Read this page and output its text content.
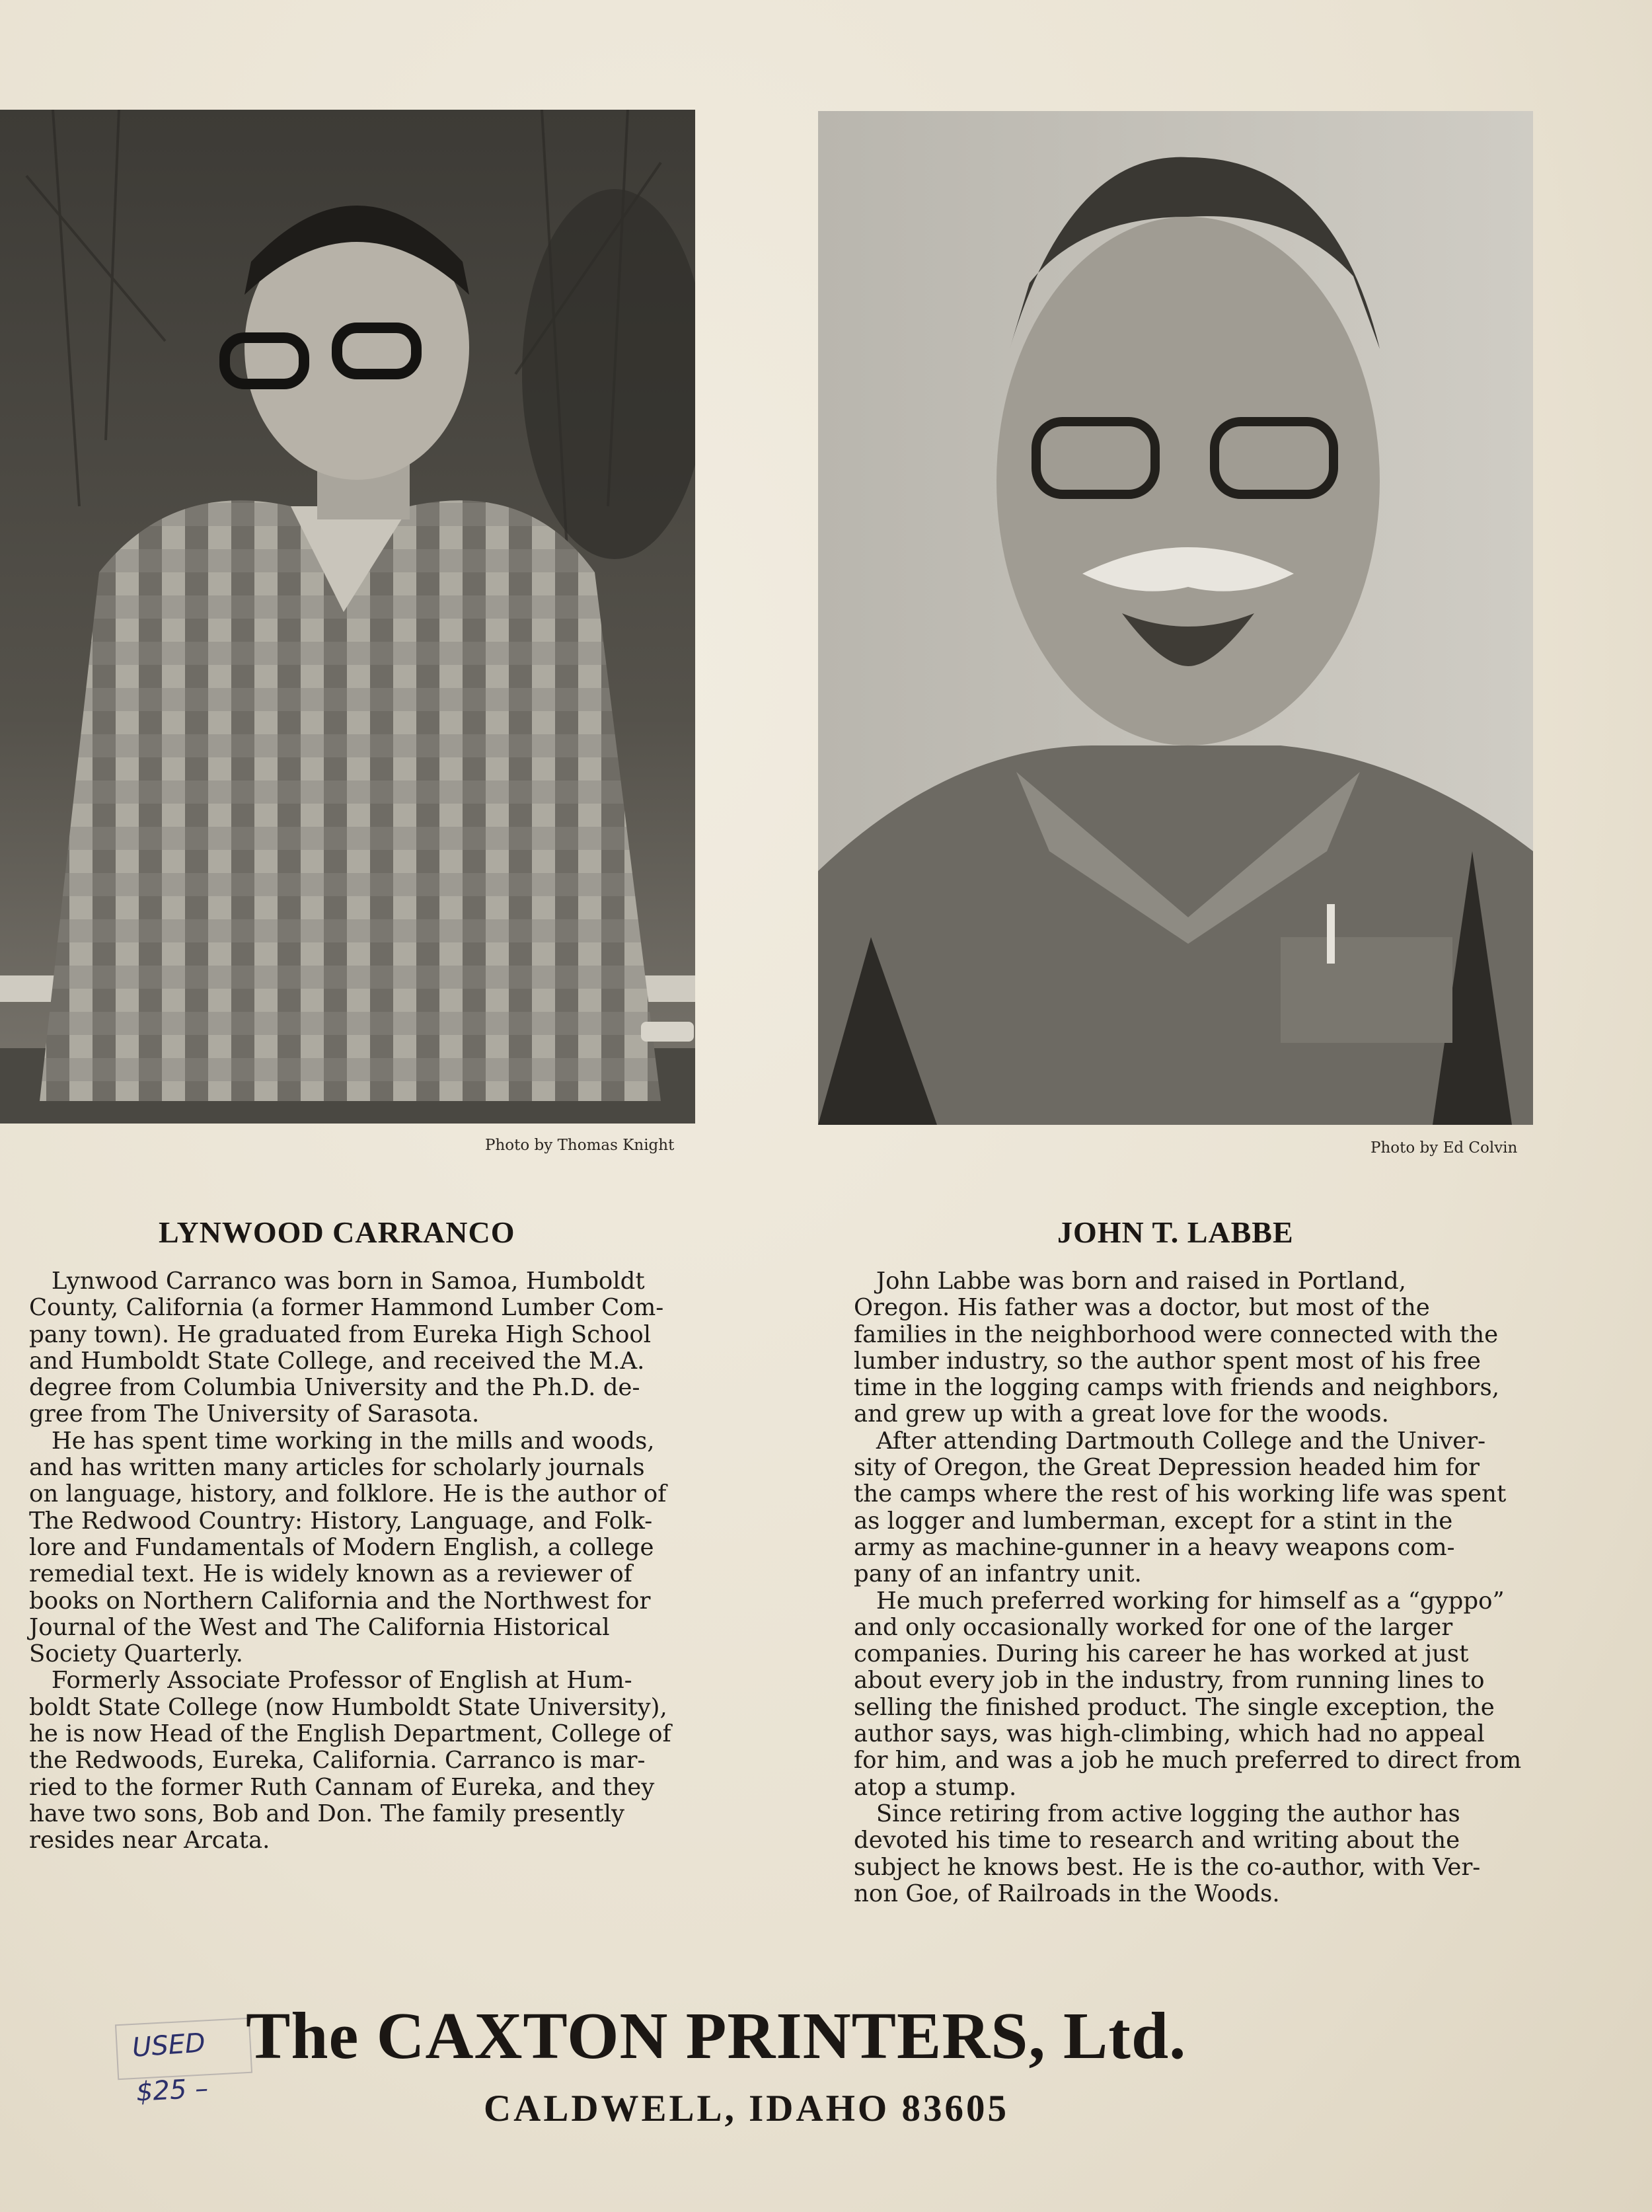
Photo by Thomas Knight	Photo by Ed Colvin
LYNWOOD CARRANCO	JOHN T. LABBE
Lynwood Carranco was born in Samoa, Humboldt
County, California (a former Hammond Lumber Com-
pany town). He graduated from Eureka High School
and Humboldt State College, and received the M.A.
degree from Columbia University and the Ph.D. de-
gree from The University of Sarasota.
He has spent time working in the mills and woods,
and has written many articles for scholarly journals
on language, history, and folklore. He is the author of
The Redwood Country: History, Language, and Folk-
lore and Fundamentals of Modern English, a college
remedial text. He is widely known as a reviewer of
books on Northern California and the Northwest for
Journal of the West and The California Historical
Society Quarterly.
Formerly Associate Professor of English at Hum-
boldt State College (now Humboldt State University),
he is now Head of the English Department, College of
the Redwoods, Eureka, California. Carranco is mar-
ried to the former Ruth Cannam of Eureka, and they
have two sons, Bob and Don. The family presently
resides near Arcata.
John Labbe was born and raised in Portland,
Oregon. His father was a doctor, but most of the
families in the neighborhood were connected with the
lumber industry, so the author spent most of his free
time in the logging camps with friends and neighbors,
and grew up with a great love for the woods.
After attending Dartmouth College and the Univer-
sity of Oregon, the Great Depression headed him for
the camps where the rest of his working life was spent
as logger and lumberman, except for a stint in the
army as machine-gunner in a heavy weapons com-
pany of an infantry unit.
He much preferred working for himself as a “gyppo”
and only occasionally worked for one of the larger
companies. During his career he has worked at just
about every job in the industry, from running lines to
selling the finished product. The single exception, the
author says, was high-climbing, which had no appeal
for him, and was a job he much preferred to direct from
atop a stump.
Since retiring from active logging the author has
devoted his time to research and writing about the
subject he knows best. He is the co-author, with Ver-
non Goe, of Railroads in the Woods.
USED
$25 –
The CAXTON PRINTERS, Ltd.
CALDWELL, IDAHO 83605
